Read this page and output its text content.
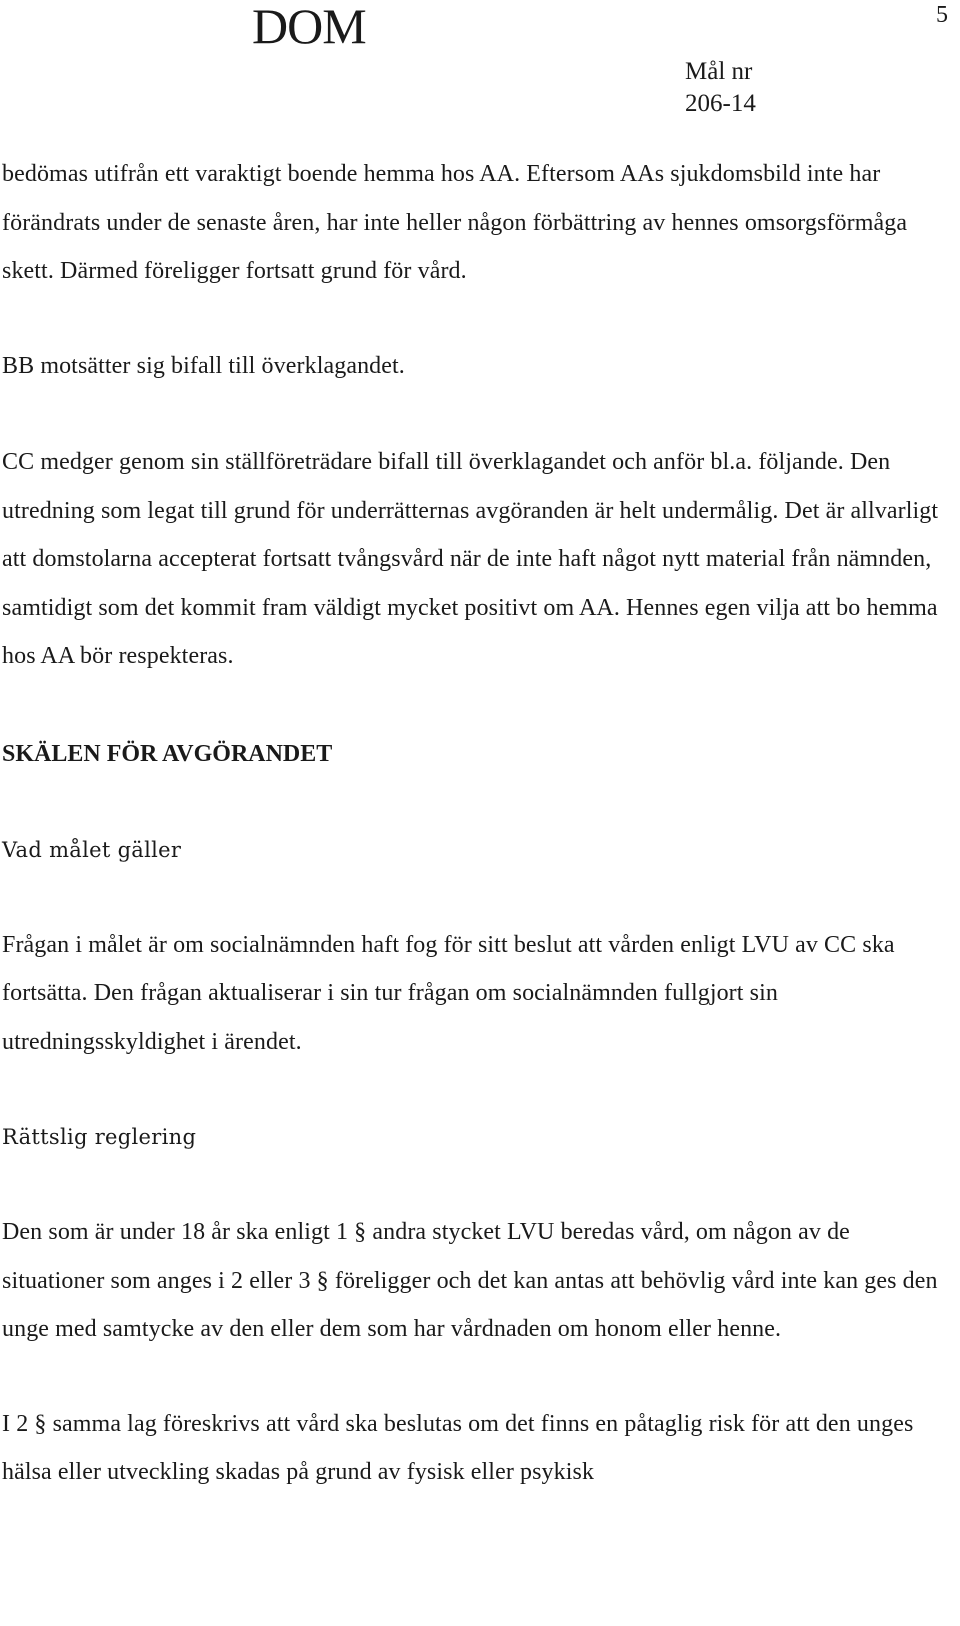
DOM	5
Mål nr
206-14

bedömas utifrån ett varaktigt boende hemma hos AA. Eftersom AAs sjukdomsbild inte har förändrats under de senaste åren, har inte heller någon förbättring av hennes omsorgsförmåga skett. Därmed föreligger fortsatt grund för vård.

BB motsätter sig bifall till överklagandet.

CC medger genom sin ställföreträdare bifall till överklagandet och anför bl.a. följande. Den utredning som legat till grund för underrätternas avgöranden är helt undermålig. Det är allvarligt att domstolarna accepterat fortsatt tvångsvård när de inte haft något nytt material från nämnden, samtidigt som det kommit fram väldigt mycket positivt om AA. Hennes egen vilja att bo hemma hos AA bör respekteras.

SKÄLEN FÖR AVGÖRANDET

Vad målet gäller

Frågan i målet är om socialnämnden haft fog för sitt beslut att vården enligt LVU av CC ska fortsätta. Den frågan aktualiserar i sin tur frågan om socialnämnden fullgjort sin utredningsskyldighet i ärendet.

Rättslig reglering

Den som är under 18 år ska enligt 1 § andra stycket LVU beredas vård, om någon av de situationer som anges i 2 eller 3 § föreligger och det kan antas att behövlig vård inte kan ges den unge med samtycke av den eller dem som har vårdnaden om honom eller henne.

I 2 § samma lag föreskrivs att vård ska beslutas om det finns en påtaglig risk för att den unges hälsa eller utveckling skadas på grund av fysisk eller psykisk
